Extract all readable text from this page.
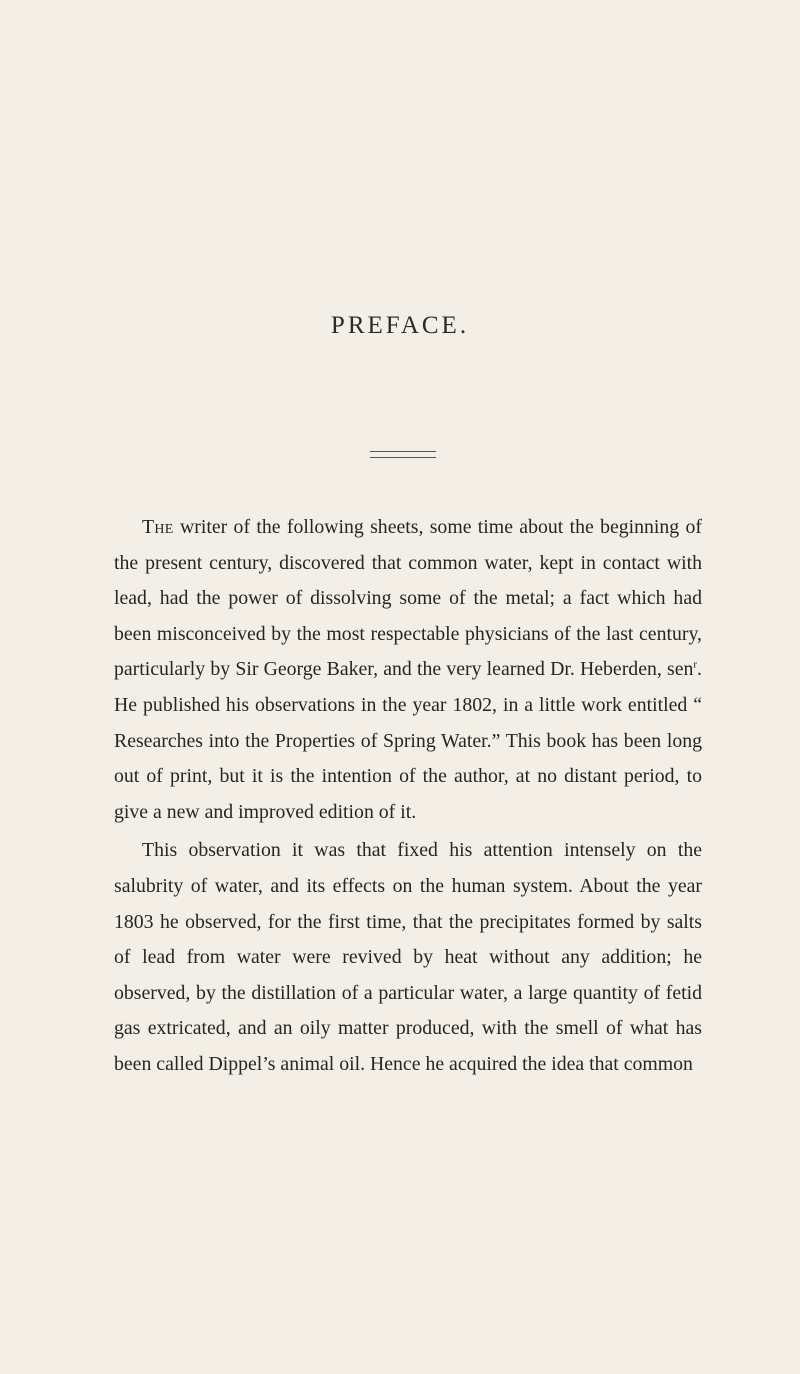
PREFACE.

The writer of the following sheets, some time about the beginning of the present century, discovered that common water, kept in contact with lead, had the power of dissolving some of the metal; a fact which had been misconceived by the most respectable physicians of the last century, particularly by Sir George Baker, and the very learned Dr. Heberden, sen$^r$. He published his observations in the year 1802, in a little work entitled “ Researches into the Properties of Spring Water.” This book has been long out of print, but it is the intention of the author, at no distant period, to give a new and improved edition of it.

This observation it was that fixed his attention intensely on the salubrity of water, and its effects on the human system. About the year 1803 he observed, for the first time, that the precipitates formed by salts of lead from water were revived by heat without any addition; he observed, by the distillation of a particular water, a large quantity of fetid gas extricated, and an oily matter produced, with the smell of what has been called Dippel’s animal oil. Hence he acquired the idea that common
